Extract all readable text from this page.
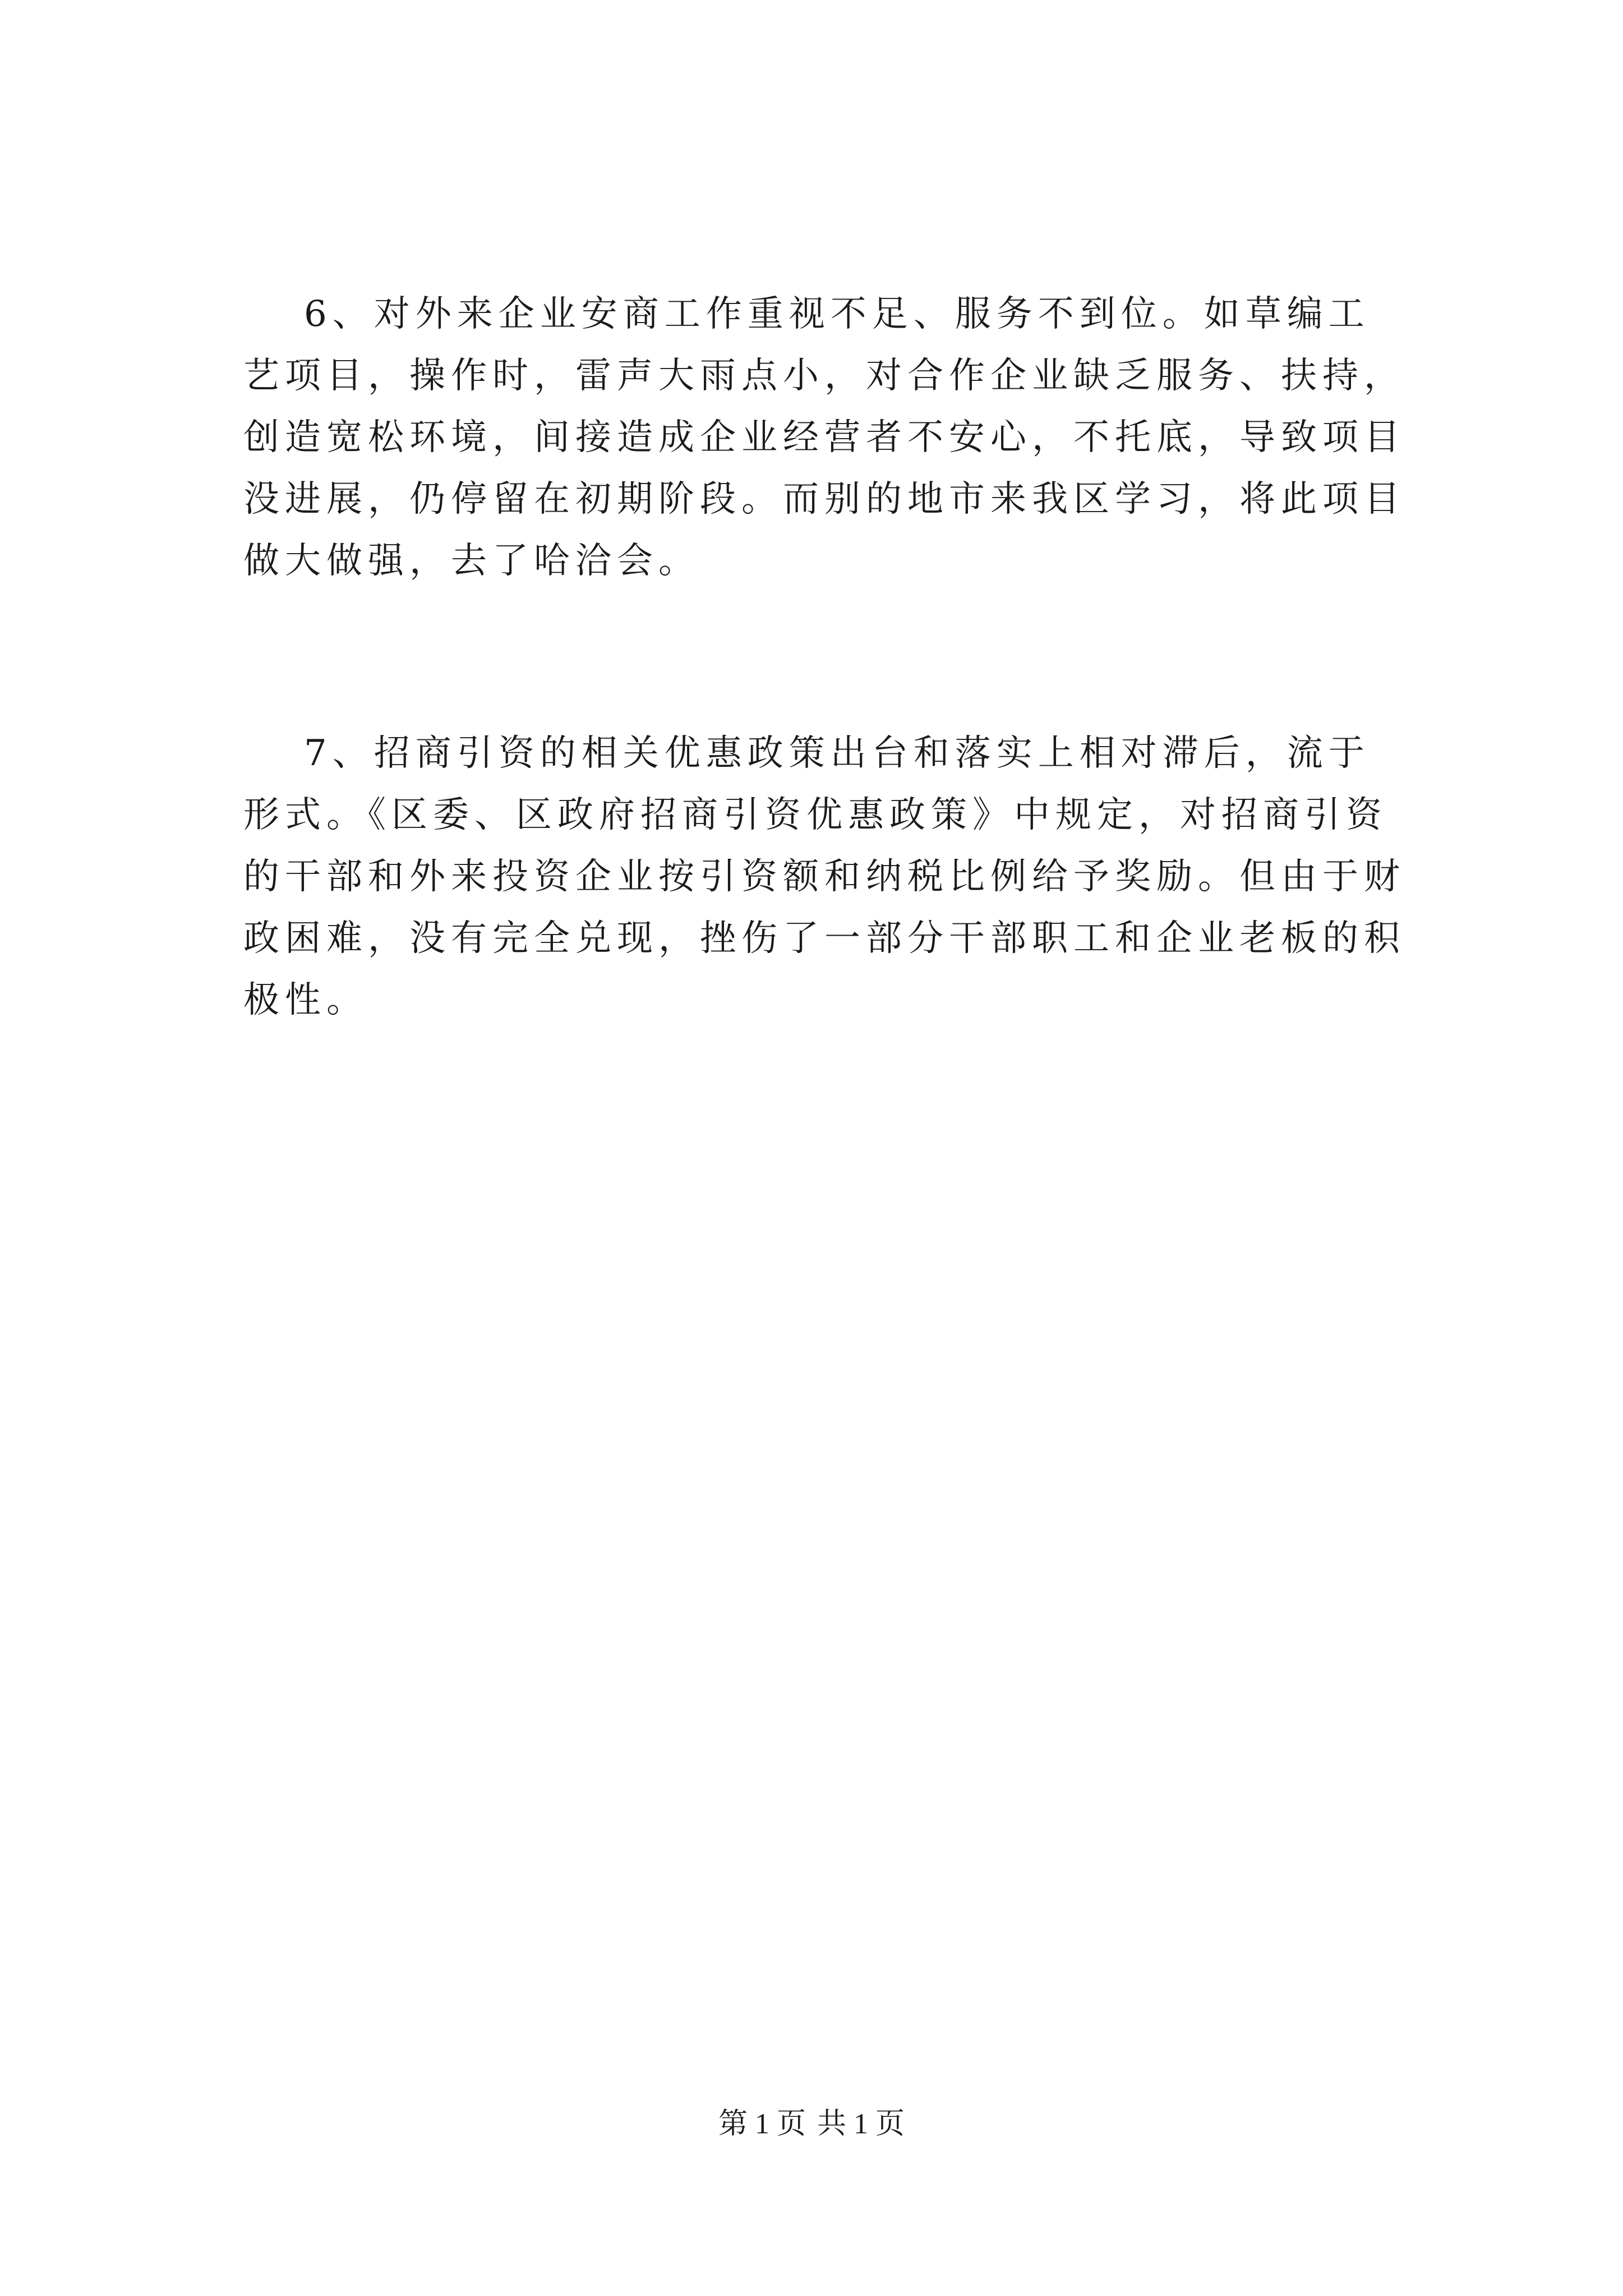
6、对外来企业安商工作重视不足、服务不到位。如草编工
艺项目，操作时，雷声大雨点小，对合作企业缺乏服务、扶持，
创造宽松环境，间接造成企业经营者不安心，不托底，导致项目
没进展，仍停留在初期阶段。而别的地市来我区学习，将此项目
做大做强，去了哈洽会。
7、招商引资的相关优惠政策出台和落实上相对滞后，流于
形式。《区委、区政府招商引资优惠政策》中规定，对招商引资
的干部和外来投资企业按引资额和纳税比例给予奖励。但由于财
政困难，没有完全兑现，挫伤了一部分干部职工和企业老板的积
极性。
第 1 页 共 1 页
